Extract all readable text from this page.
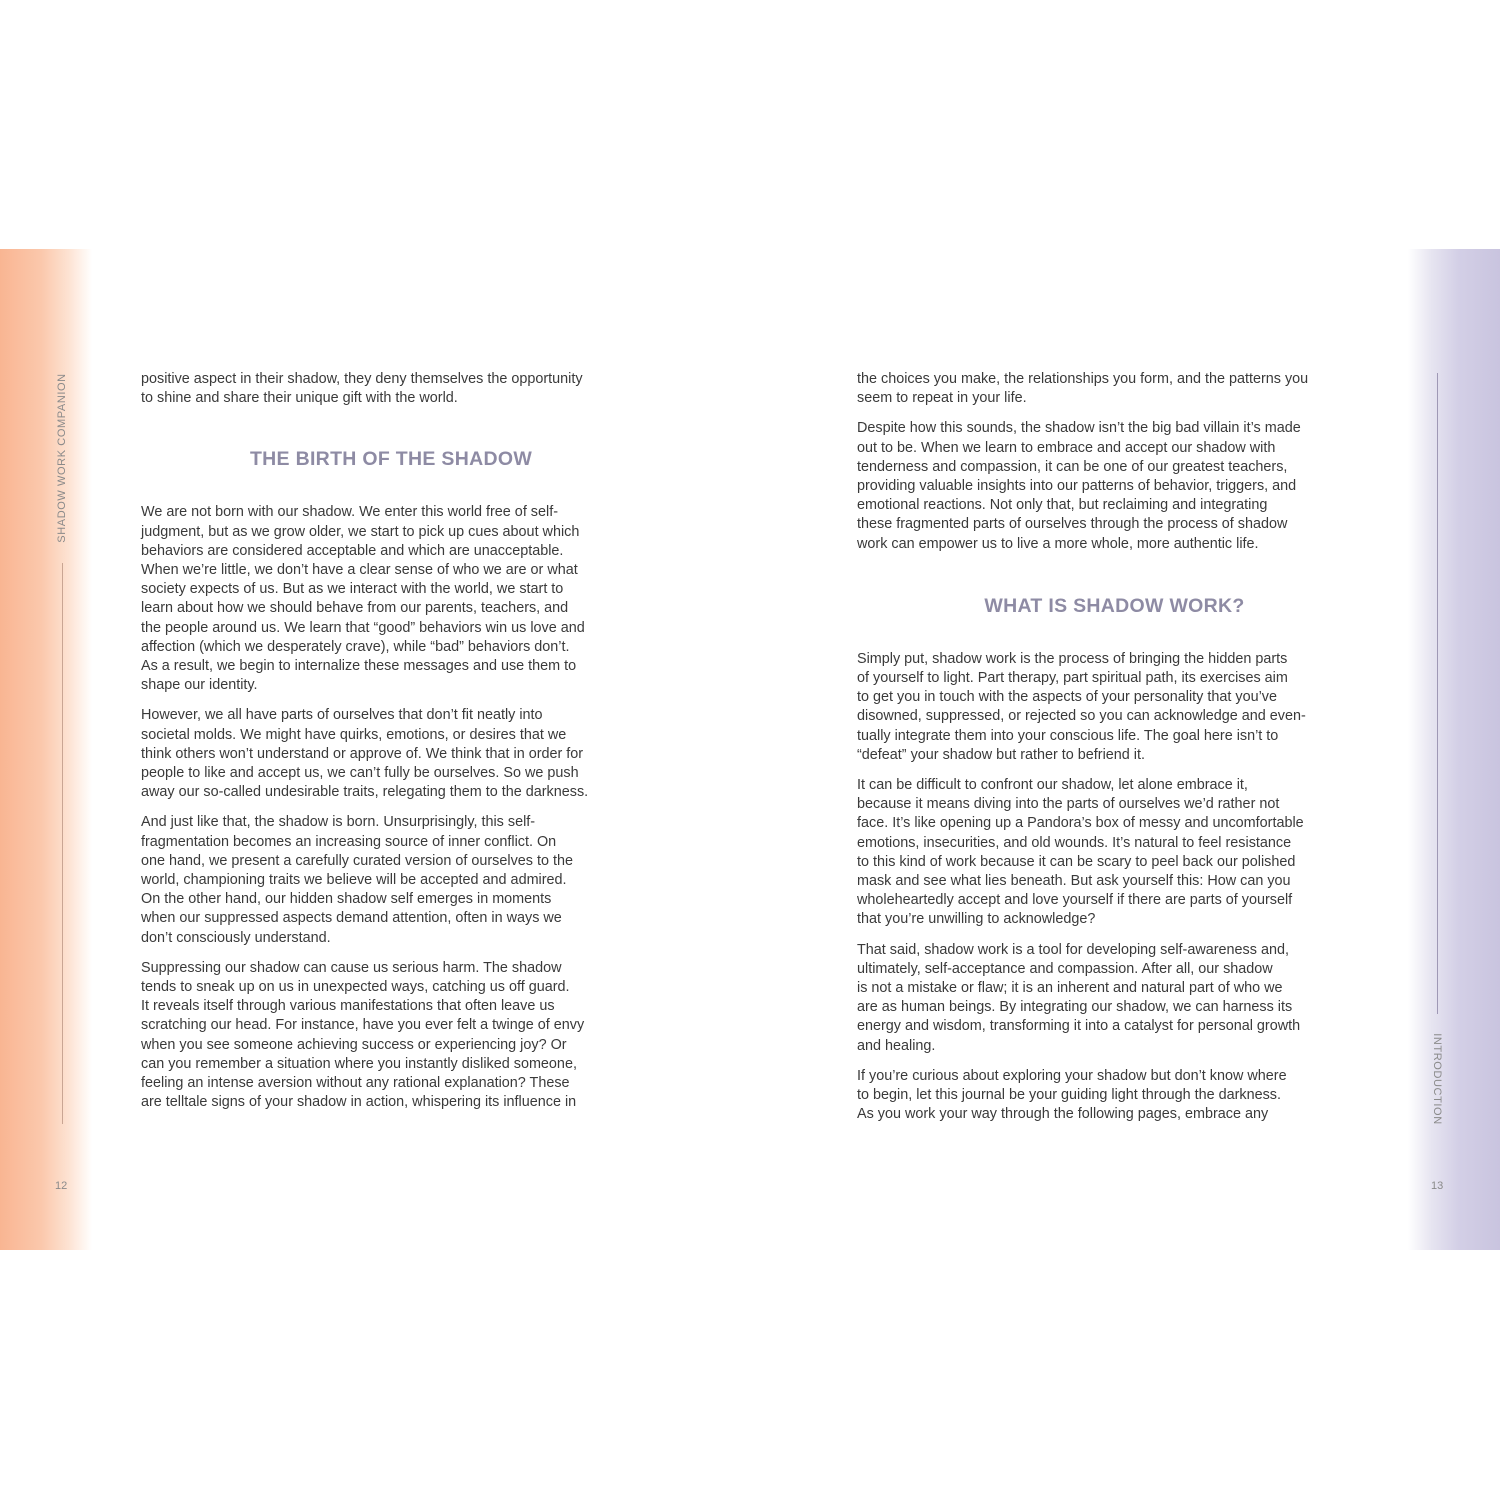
SHADOW WORK COMPANION
INTRODUCTION
12	13
positive aspect in their shadow, they deny themselves the opportunity
to shine and share their unique gift with the world.
THE BIRTH OF THE SHADOW
We are not born with our shadow. We enter this world free of self-
judgment, but as we grow older, we start to pick up cues about which
behaviors are considered acceptable and which are unacceptable.
When we’re little, we don’t have a clear sense of who we are or what
society expects of us. But as we interact with the world, we start to
learn about how we should behave from our parents, teachers, and
the people around us. We learn that “good” behaviors win us love and
affection (which we desperately crave), while “bad” behaviors don’t.
As a result, we begin to internalize these messages and use them to
shape our identity.
However, we all have parts of ourselves that don’t fit neatly into
societal molds. We might have quirks, emotions, or desires that we
think others won’t understand or approve of. We think that in order for
people to like and accept us, we can’t fully be ourselves. So we push
away our so-called undesirable traits, relegating them to the darkness.
And just like that, the shadow is born. Unsurprisingly, this self-
fragmentation becomes an increasing source of inner conflict. On
one hand, we present a carefully curated version of ourselves to the
world, championing traits we believe will be accepted and admired.
On the other hand, our hidden shadow self emerges in moments
when our suppressed aspects demand attention, often in ways we
don’t consciously understand.
Suppressing our shadow can cause us serious harm. The shadow
tends to sneak up on us in unexpected ways, catching us off guard.
It reveals itself through various manifestations that often leave us
scratching our head. For instance, have you ever felt a twinge of envy
when you see someone achieving success or experiencing joy? Or
can you remember a situation where you instantly disliked someone,
feeling an intense aversion without any rational explanation? These
are telltale signs of your shadow in action, whispering its influence in
the choices you make, the relationships you form, and the patterns you
seem to repeat in your life.
Despite how this sounds, the shadow isn’t the big bad villain it’s made
out to be. When we learn to embrace and accept our shadow with
tenderness and compassion, it can be one of our greatest teachers,
providing valuable insights into our patterns of behavior, triggers, and
emotional reactions. Not only that, but reclaiming and integrating
these fragmented parts of ourselves through the process of shadow
work can empower us to live a more whole, more authentic life.
WHAT IS SHADOW WORK?
Simply put, shadow work is the process of bringing the hidden parts
of yourself to light. Part therapy, part spiritual path, its exercises aim
to get you in touch with the aspects of your personality that you’ve
disowned, suppressed, or rejected so you can acknowledge and even-
tually integrate them into your conscious life. The goal here isn’t to
“defeat” your shadow but rather to befriend it.
It can be difficult to confront our shadow, let alone embrace it,
because it means diving into the parts of ourselves we’d rather not
face. It’s like opening up a Pandora’s box of messy and uncomfortable
emotions, insecurities, and old wounds. It’s natural to feel resistance
to this kind of work because it can be scary to peel back our polished
mask and see what lies beneath. But ask yourself this: How can you
wholeheartedly accept and love yourself if there are parts of yourself
that you’re unwilling to acknowledge?
That said, shadow work is a tool for developing self-awareness and,
ultimately, self-acceptance and compassion. After all, our shadow
is not a mistake or flaw; it is an inherent and natural part of who we
are as human beings. By integrating our shadow, we can harness its
energy and wisdom, transforming it into a catalyst for personal growth
and healing.
If you’re curious about exploring your shadow but don’t know where
to begin, let this journal be your guiding light through the darkness.
As you work your way through the following pages, embrace any
